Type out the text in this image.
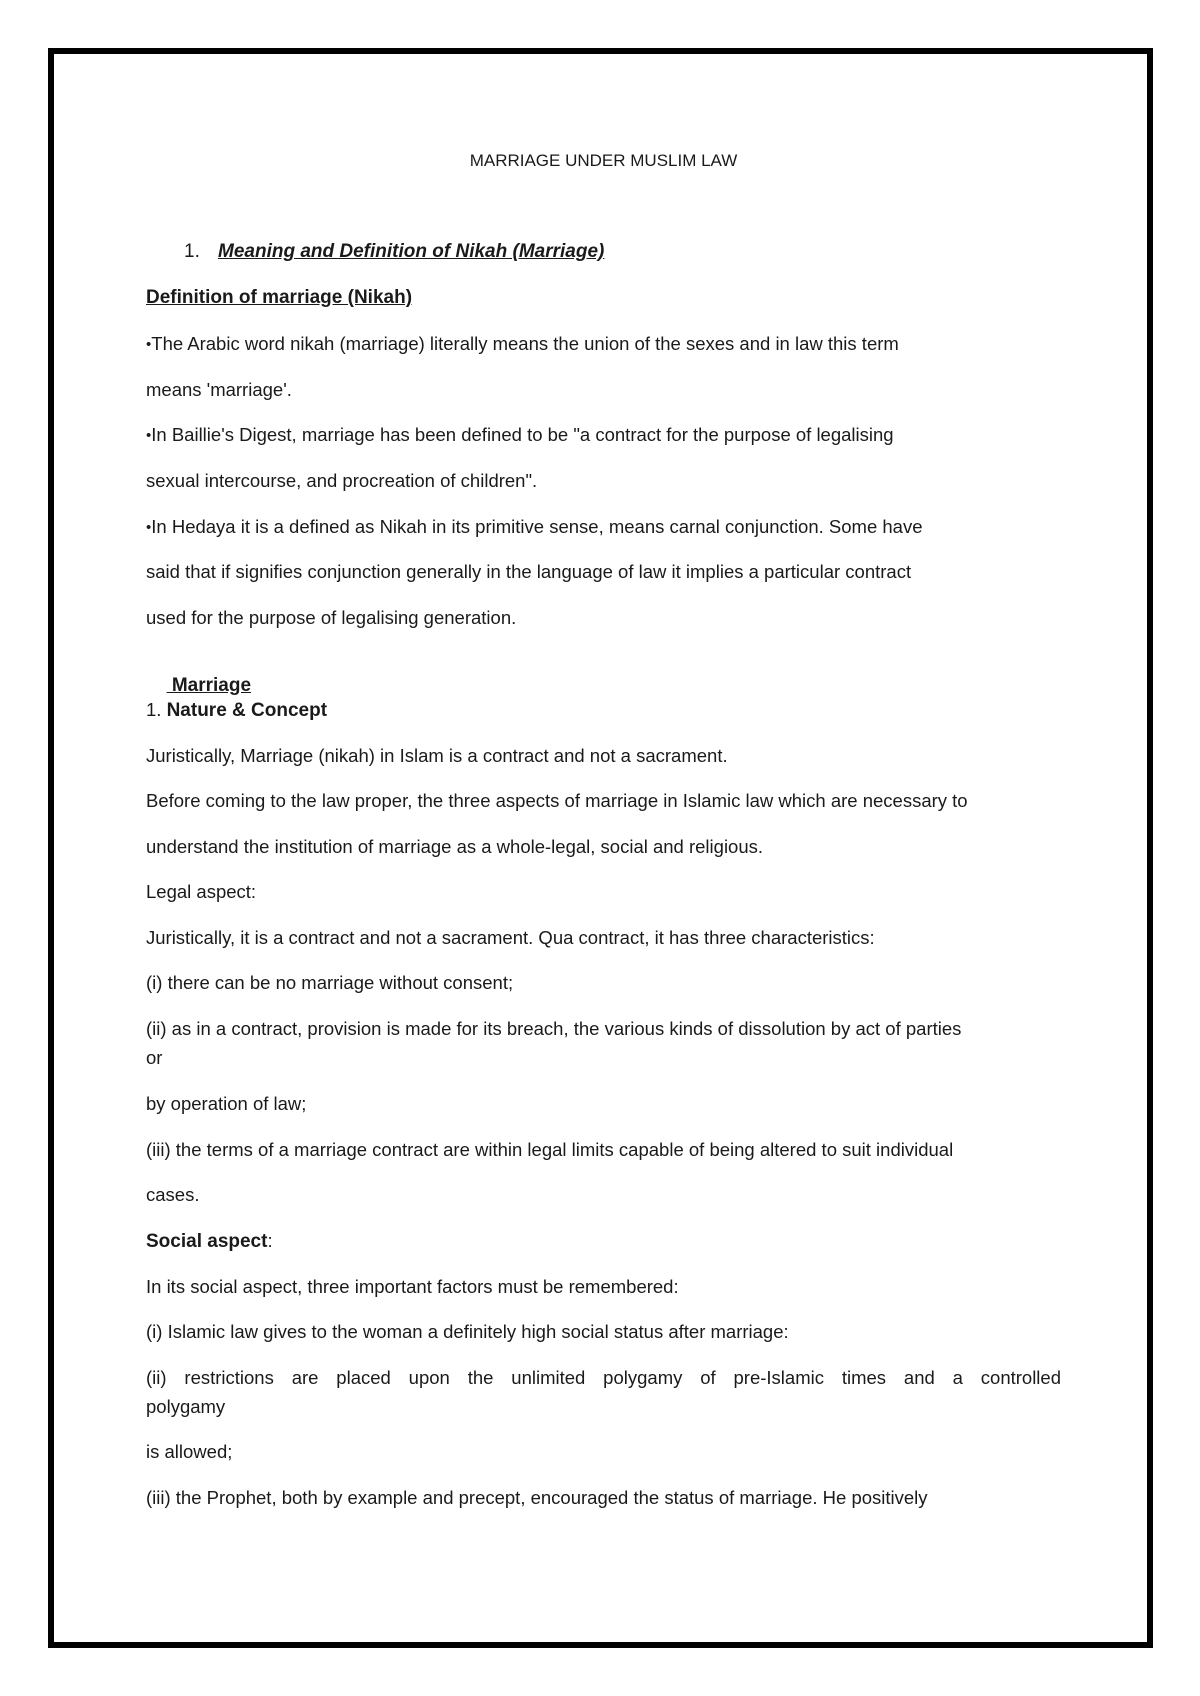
MARRIAGE UNDER MUSLIM LAW
1. Meaning and Definition of Nikah (Marriage)
Definition of marriage (Nikah)
•The Arabic word nikah (marriage) literally means the union of the sexes and in law this term
means 'marriage'.
•In Baillie's Digest, marriage has been defined to be "a contract for the purpose of legalising
sexual intercourse, and procreation of children".
•In Hedaya it is a defined as Nikah in its primitive sense, means carnal conjunction. Some have
said that if signifies conjunction generally in the language of law it implies a particular contract
used for the purpose of legalising generation.

Marriage

1. Nature & Concept
Juristically, Marriage (nikah) in Islam is a contract and not a sacrament.
Before coming to the law proper, the three aspects of marriage in Islamic law which are necessary to
understand the institution of marriage as a whole-legal, social and religious.
Legal aspect:
Juristically, it is a contract and not a sacrament. Qua contract, it has three characteristics:
(i) there can be no marriage without consent;
(ii) as in a contract, provision is made for its breach, the various kinds of dissolution by act of parties
or
by operation of law;
(iii) the terms of a marriage contract are within legal limits capable of being altered to suit individual
cases.
Social aspect:
In its social aspect, three important factors must be remembered:
(i) Islamic law gives to the woman a definitely high social status after marriage:
(ii) restrictions are placed upon the unlimited polygamy of pre-Islamic times and a controlled
polygamy
is allowed;
(iii) the Prophet, both by example and precept, encouraged the status of marriage. He positively
